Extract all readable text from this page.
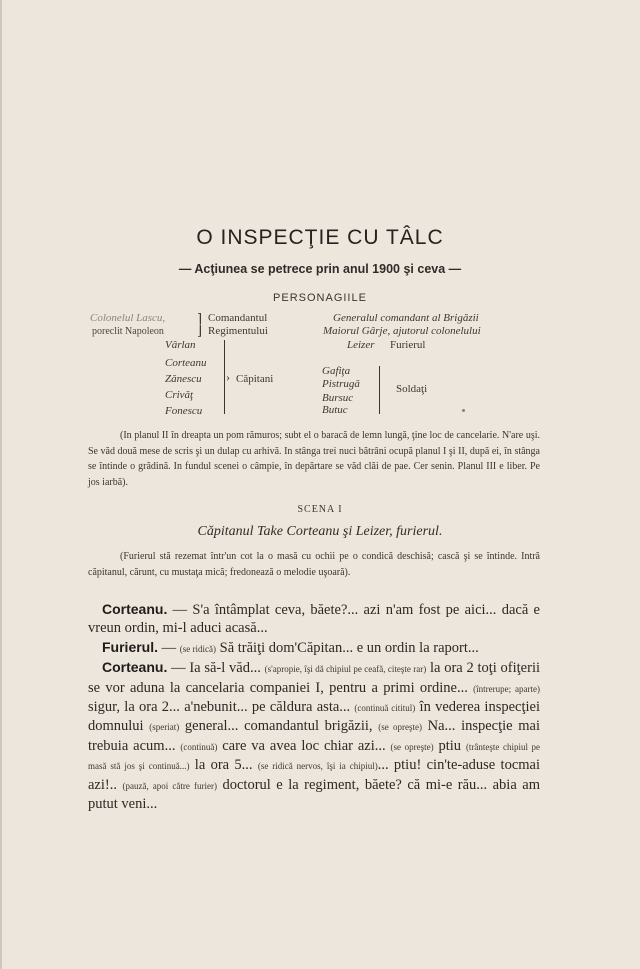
O INSPECŢIE CU TÂLC
— Acţiunea se petrece prin anul 1900 şi ceva —
PERSONAGIILE
Colonelul Lascu,
poreclit Napoleon
⌉
⌋
Comandantul
Regimentului
Generalul comandant al Brigăzii
Maiorul Gârje, ajutorul colonelului
Vârlan
Corteanu
Zănescu
Crivăţ
Fonescu
› Căpitani
Leizer Furierul
Gafiţa
Pistrugă
Bursuc
Butuc
Soldaţi

(In planul II în dreapta un pom rămuros; subt el o baracă de lemn lungă, ţine loc de cancelarie. N'are uşi. Se văd două mese de scris şi un dulap cu arhivă. In stânga trei nuci bătrâni ocupă planul I şi II, după ei, în stânga se întinde o grădină. In fundul scenei o câmpie, în depărtare se văd clăi de pae. Cer senin. Planul III e liber. Pe jos iarbă).

SCENA I
Căpitanul Take Corteanu şi Leizer, furierul.

(Furierul stă rezemat într'un cot la o masă cu ochii pe o condică deschisă; cască şi se întinde. Intră căpitanul, cărunt, cu mustaţa mică; fredonează o melodie uşoară).

Corteanu. — S'a întâmplat ceva, băete?... azi n'am fost pe aici... dacă e vreun ordin, mi-l aduci acasă...

Furierul. — (se ridică) Să trăiţi dom'Căpitan... e un ordin la raport...

Corteanu. — Ia să-l văd... (s'apropie, îşi dă chipiul pe ceafă, citeşte rar) la ora 2 toţi ofiţerii se vor aduna la cancelaria companiei I, pentru a primi ordine... (întrerupe; aparte) sigur, la ora 2... a'nebunit... pe căldura asta... (continuă cititul) în vederea inspecţiei domnului (speriat) general... comandantul brigăzii, (se opreşte) Na... inspecţie mai trebuia acum... (continuă) care va avea loc chiar azi... (se opreşte) ptiu (trânteşte chipiul pe masă stă jos şi continuă...) la ora 5... (se ridică nervos, îşi ia chipiul)... ptiu! cin'te-aduse tocmai azi!.. (pauză, apoi către furier) doctorul e la regiment, băete? că mi-e rău... abia am putut veni...
